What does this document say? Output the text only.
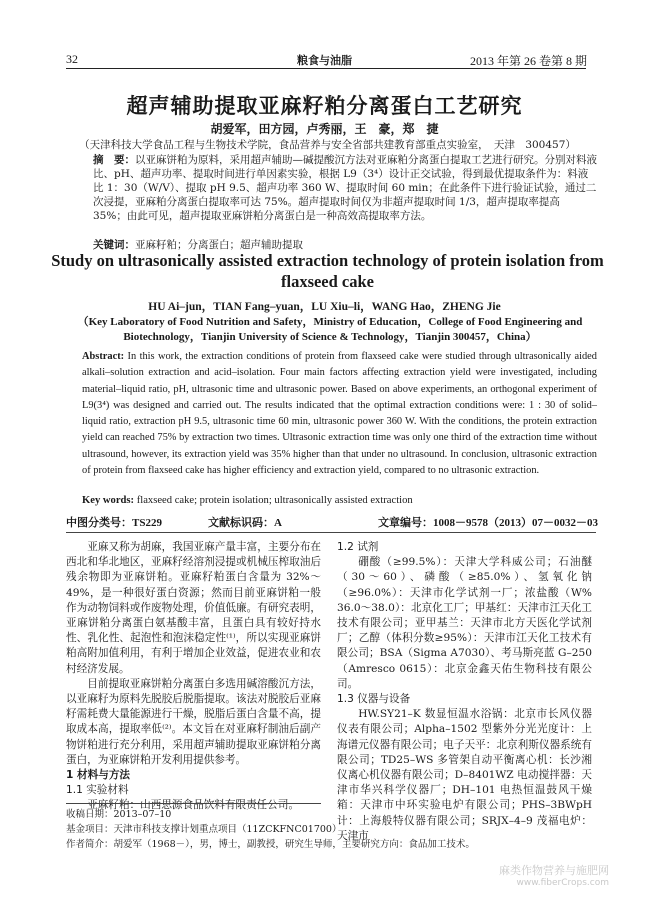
32	粮食与油脂	2013 年第 26 卷第 8 期
超声辅助提取亚麻籽粕分离蛋白工艺研究
胡爱军，田方园，卢秀丽，王　豪，郑　捷
（天津科技大学食品工程与生物技术学院，食品营养与安全省部共建教育部重点实验室，　天津　300457）
摘　要：以亚麻饼粕为原料，采用超声辅助—碱提酸沉方法对亚麻粕分离蛋白提取工艺进行研究。分别对料液比、pH、超声功率、提取时间进行单因素实验，根据 L9（3⁴）设计正交试验，得到最优提取条件为：料液比 1：30（W/V）、提取 pH 9.5、超声功率 360 W、提取时间 60 min；在此条件下进行验证试验，通过二次浸提，亚麻粕分离蛋白提取率可达 75%。超声提取时间仅为非超声提取时间 1/3，超声提取率提高 35%；由此可见，超声提取亚麻饼粕分离蛋白是一种高效高提取率方法。
关键词：亚麻籽粕；分离蛋白；超声辅助提取
Study on ultrasonically assisted extraction technology of protein isolation from flaxseed cake
HU Ai–jun，TIAN Fang–yuan，LU Xiu–li，WANG Hao，ZHENG Jie
（Key Laboratory of Food Nutrition and Safety，Ministry of Education，College of Food Engineering and Biotechnology，Tianjin University of Science & Technology，Tianjin 300457，China）
Abstract: In this work, the extraction conditions of protein from flaxseed cake were studied through ultrasonically aided alkali–solution extraction and acid–isolation. Four main factors affecting extraction yield were investigated, including material–liquid ratio, pH, ultrasonic time and ultrasonic power. Based on above experiments, an orthogonal experiment of L9(3⁴) was designed and carried out. The results indicated that the optimal extraction conditions were: 1 : 30 of solid–liquid ratio, extraction pH 9.5, ultrasonic time 60 min, ultrasonic power 360 W. With the conditions, the protein extraction yield can reached 75% by extraction two times. Ultrasonic extraction time was only one third of the extraction time without ultrasound, however, its extraction yield was 35% higher than that under no ultrasound. In conclusion, ultrasonic extraction of protein from flaxseed cake has higher efficiency and extraction yield, compared to no ultrasonic extraction.
Key words: flaxseed cake; protein isolation; ultrasonically assisted extraction
中图分类号：TS229	文献标识码：A	文章编号：1008－9578（2013）07－0032－03

亚麻又称为胡麻，我国亚麻产量丰富，主要分布在西北和华北地区，亚麻籽经溶剂浸提或机械压榨取油后残余物即为亚麻饼粕。亚麻籽粕蛋白含量为 32%～49%，是一种很好蛋白资源；然而目前亚麻饼粕一般作为动物饲料或作废物处理，价值低廉。有研究表明，亚麻饼粕分离蛋白氨基酸丰富，且蛋白具有较好持水性、乳化性、起泡性和泡沫稳定性⁽¹⁾，所以实现亚麻饼粕高附加值利用，有利于增加企业效益，促进农业和农村经济发展。

目前提取亚麻饼粕分离蛋白多选用碱溶酸沉方法，以亚麻籽为原料先脱胶后脱脂提取。该法对脱胶后亚麻籽需耗费大量能源进行干燥，脱脂后蛋白含量不高，提取成本高，提取率低⁽²⁾。本文旨在对亚麻籽制油后副产物饼粕进行充分利用，采用超声辅助提取亚麻饼粕分离蛋白，为亚麻饼粕开发利用提供参考。

1 材料与方法

1.1 实验材料

亚麻籽粕：山西思源食品饮料有限责任公司。

1.2 试剂

硼酸（≥99.5%）：天津大学科威公司；石油醚（30～60）、磷酸（≥85.0%）、氢氧化钠（≥96.0%）：天津市化学试剂一厂；浓盐酸（W% 36.0～38.0）：北京化工厂；甲基红：天津市江天化工技术有限公司；亚甲基兰：天津市北方天医化学试剂厂；乙醇（体积分数≥95%）：天津市江天化工技术有限公司；BSA（Sigma A7030）、考马斯亮蓝 G–250（Amresco 0615）：北京金鑫天佑生物科技有限公司。

1.3 仪器与设备

HW.SY21–K 数显恒温水浴锅：北京市长风仪器仪表有限公司；Alpha–1502 型紫外分光光度计：上海谱元仪器有限公司；电子天平：北京利斯仪器系统有限公司；TD25–WS 多管架自动平衡离心机：长沙湘仪离心机仪器有限公司；D–8401WZ 电动搅拌器：天津市华兴科学仪器厂；DH–101 电热恒温鼓风干燥箱：天津市中环实验电炉有限公司；PHS–3BWpH 计：上海般特仪器有限公司；SRJX–4–9 茂福电炉：天津市

收稿日期：2013–07–10
基金项目：天津市科技支撑计划重点项目（11ZCKFNC01700）
作者简介：胡爱军（1968－），男，博士，副教授，研究生导师，主要研究方向：食品加工技术。
麻类作物营养与施肥网
www.fiberCrops.com
